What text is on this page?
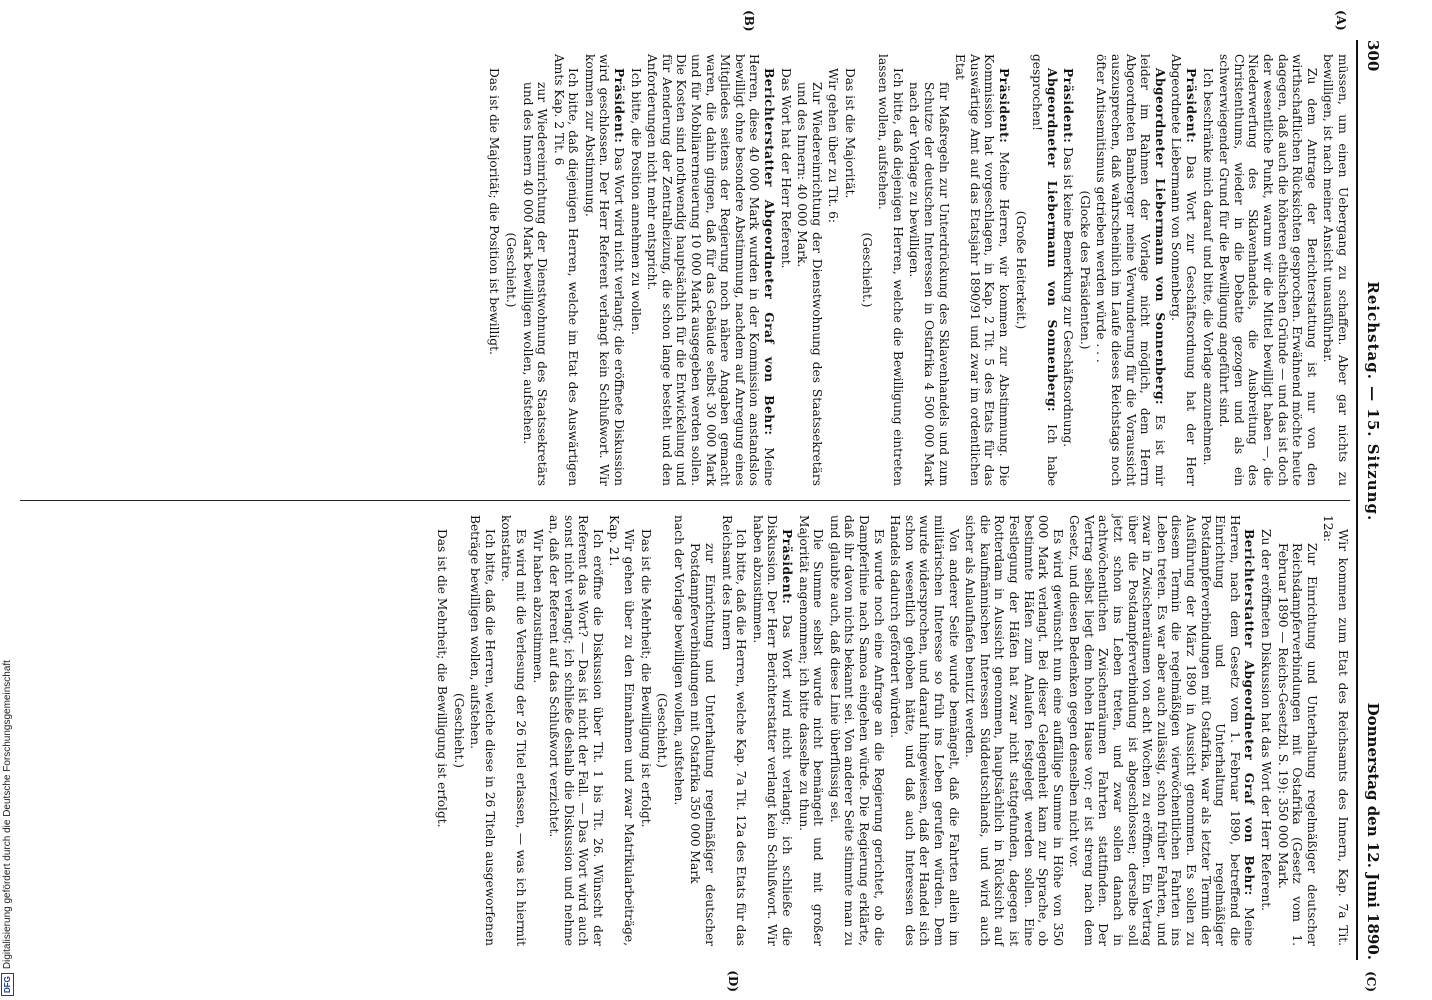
300
Reichstag. — 15. Sitzung.
Donnerstag den 12. Juni 1890.
(A)
(B)
(C)
(D)

müssen, um einen Uebergang zu schaffen. Aber gar nichts zu bewilligen, ist nach meiner Ansicht unausführbar.

Zu dem Antrage der Berichterstattung ist nur von den wirthschaftlichen Rücksichten gesprochen. Erwähnend möchte heute dagegen, daß auch die höheren ethischen Gründe — und das ist doch der wesentliche Punkt, warum wir die Mittel bewilligt haben —, die Niederwerfung des Sklavenhandels, die Ausbreitung des Christenthums, wieder in die Debatte gezogen und als ein schwerwiegender Grund für die Bewilligung angeführt sind.

Ich beschränke mich darauf und bitte, die Vorlage anzunehmen.

Präsident: Das Wort zur Geschäftsordnung hat der Herr Abgeordnete Liebermann von Sonnenberg.

Abgeordneter Liebermann von Sonnenberg: Es ist mir leider im Rahmen der Vorlage nicht möglich, dem Herrn Abgeordneten Bamberger meine Verwunderung für die Voraussicht auszusprechen, daß wahrscheinlich im Laufe dieses Reichstags noch öfter Antisemitismus getrieben werden würde . . .

(Glocke des Präsidenten.)

Präsident: Das ist keine Bemerkung zur Geschäftsordnung.

Abgeordneter Liebermann von Sonnenberg: Ich habe gesprochen!

(Große Heiterkeit.)

Präsident: Meine Herren, wir kommen zur Abstimmung. Die Kommission hat vorgeschlagen, in Kap. 2 Tit. 5 des Etats für das Auswärtige Amt auf das Etatsjahr 1890/91 und zwar im ordentlichen Etat

für Maßregeln zur Unterdrückung des Sklavenhandels und zum Schutze der deutschen Interessen in Ostafrika 4 500 000 Mark nach der Vorlage zu bewilligen.

Ich bitte, daß diejenigen Herren, welche die Bewilligung eintreten lassen wollen, aufstehen.

(Geschieht.)

Das ist die Majorität.

Wir gehen über zu Tit. 6:

Zur Wiedereinrichtung der Dienstwohnung des Staatssekretärs und des Innern: 40 000 Mark.

Das Wort hat der Herr Referent.

Berichterstatter Abgeordneter Graf von Behr: Meine Herren, diese 40 000 Mark wurden in der Kommission anstandslos bewilligt ohne besondere Abstimmung, nachdem auf Anregung eines Mitgliedes seitens der Regierung noch nähere Angaben gemacht waren, die dahin gingen, daß für das Gebäude selbst 30 000 Mark und für Mobiliarerneuerung 10 000 Mark ausgegeben werden sollen. Die Kosten sind nothwendig hauptsächlich für die Entwickelung und für Aenderung der Zentralheizung, die schon lange besteht und den Anforderungen nicht mehr entspricht.

Ich bitte, die Position annehmen zu wollen.

Präsident: Das Wort wird nicht verlangt; die eröffnete Diskussion wird geschlossen. Der Herr Referent verlangt kein Schlußwort. Wir kommen zur Abstimmung.

Ich bitte, daß diejenigen Herren, welche im Etat des Auswärtigen Amts Kap. 2 Tit. 6

zur Wiedereinrichtung der Dienstwohnung des Staatssekretärs und des Innern 40 000 Mark bewilligen wollen, aufstehen.

(Geschieht.)

Das ist die Majorität; die Position ist bewilligt.

Wir kommen zum Etat des Reichsamts des Innern, Kap. 7a Tit. 12a:

Zur Einrichtung und Unterhaltung regelmäßiger deutscher Reichsdampferverbindungen mit Ostafrika (Gesetz vom 1. Februar 1890 — Reichs-Gesetzbl. S. 19): 350 000 Mark.

Zu der eröffneten Diskussion hat das Wort der Herr Referent.

Berichterstatter Abgeordneter Graf von Behr: Meine Herren, nach dem Gesetz vom 1. Februar 1890, betreffend die Einrichtung und Unterhaltung regelmäßiger Postdampferverbindungen mit Ostafrika, war als letzter Termin der Ausführung der März 1890 in Aussicht genommen. Es sollen zu diesem Termin die regelmäßigen vierwöchentlichen Fahrten ins Leben treten. Es war aber auch zulässig, schon früher Fahrten, und zwar in Zwischenräumen von acht Wochen zu eröffnen. Ein Vertrag über die Postdampferverbindung ist abgeschlossen; derselbe soll jetzt schon ins Leben treten, und zwar sollen danach in achtwöchentlichen Zwischenräumen Fahrten stattfinden. Der Vertrag selbst liegt dem hohen Hause vor; er ist streng nach dem Gesetz, und diesen Bedenken gegen denselben nicht vor.

Es wird gewünscht nun eine auffällige Summe in Höhe von 350 000 Mark verlangt. Bei dieser Gelegenheit kam zur Sprache, ob bestimmte Häfen zum Anlaufen festgelegt werden sollen. Eine Festlegung der Häfen hat zwar nicht stattgefunden, dagegen ist Rotterdam in Aussicht genommen, hauptsächlich in Rücksicht auf die kaufmännischen Interessen Süddeutschlands, und wird auch sicher als Anlaufhafen benutzt werden.

Von anderer Seite wurde bemängelt, daß die Fahrten allein im militärischen Interesse so früh ins Leben gerufen würden. Dem wurde widersprochen, und darauf hingewiesen, daß der Handel sich schon wesentlich gehoben hätte, und daß auch Interessen des Handels dadurch gefördert würden.

Es wurde noch eine Anfrage an die Regierung gerichtet, ob die Dampferlinie nach Samoa eingehen würde. Die Regierung erklärte, daß ihr davon nichts bekannt sei. Von anderer Seite stimmte man zu und glaubte auch, daß diese Linie überflüssig sei.

Die Summe selbst wurde nicht bemängelt und mit großer Majorität angenommen; ich bitte dasselbe zu thun.

Präsident: Das Wort wird nicht verlangt; ich schließe die Diskussion. Der Herr Berichterstatter verlangt kein Schlußwort. Wir haben abzustimmen.

Ich bitte, daß die Herren, welche Kap. 7a Tit. 12a des Etats für das Reichsamt des Innern

zur Einrichtung und Unterhaltung regelmäßiger deutscher Postdampferverbindungen mit Ostafrika 350 000 Mark

nach der Vorlage bewilligen wollen, aufstehen.

(Geschieht.)

Das ist die Mehrheit; die Bewilligung ist erfolgt.

Wir gehen über zu den Einnahmen und zwar Matrikularbeiträge, Kap. 21.

Ich eröffne die Diskussion über Tit. 1 bis Tit. 26. Wünscht der Referent das Wort? — Das ist nicht der Fall. — Das Wort wird auch sonst nicht verlangt; ich schließe deshalb die Diskussion und nehme an, daß der Referent auf das Schlußwort verzichtet.

Wir haben abzustimmen.

Es wird mit die Verlesung der 26 Titel erlassen, — was ich hiermit konstatire.

Ich bitte, daß die Herren, welche diese in 26 Titeln ausgeworfenen Beträge bewilligen wollen, aufstehen.

(Geschieht.)

Das ist die Mehrheit; die Bewilligung ist erfolgt.

DFG
Digitalisierung gefördert durch die Deutsche Forschungsgemeinschaft
